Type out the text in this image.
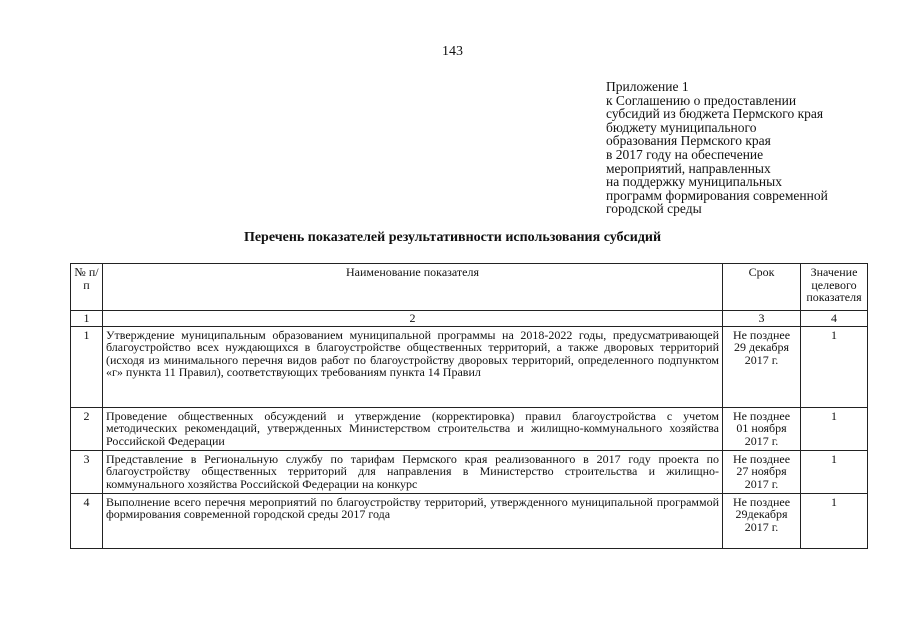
143
Приложение 1
к Соглашению о предоставлении
субсидий из бюджета Пермского края
бюджету муниципального
образования Пермского края
в 2017 году на обеспечение
мероприятий, направленных
на поддержку муниципальных
программ формирования современной
городской среды
Перечень показателей результативности использования субсидий
№ п/п	Наименование показателя	Срок	Значение целевого показателя
1	2	3	4
1	Утверждение муниципальным образованием муниципальной программы на 2018-2022 годы, предусматривающей благоустройство всех нуждающихся в благоустройстве общественных территорий, а также дворовых территорий (исходя из минимального перечня видов работ по благоустройству дворовых территорий, определенного подпунктом «г» пункта 11 Правил), соответствующих требованиям пункта 14 Правил	Не позднее 29 декабря 2017 г.	1
2	Проведение общественных обсуждений и утверждение (корректировка) правил благоустройства с учетом методических рекомендаций, утвержденных Министерством строительства и жилищно-коммунального хозяйства Российской Федерации	Не позднее 01 ноября 2017 г.	1
3	Представление в Региональную службу по тарифам Пермского края реализованного в 2017 году проекта по благоустройству общественных территорий для направления в Министерство строительства и жилищно-коммунального хозяйства Российской Федерации на конкурс	Не позднее 27 ноября 2017 г.	1
4	Выполнение всего перечня мероприятий по благоустройству территорий, утвержденного муниципальной программой формирования современной городской среды 2017 года	Не позднее 29декабря 2017 г.	1
